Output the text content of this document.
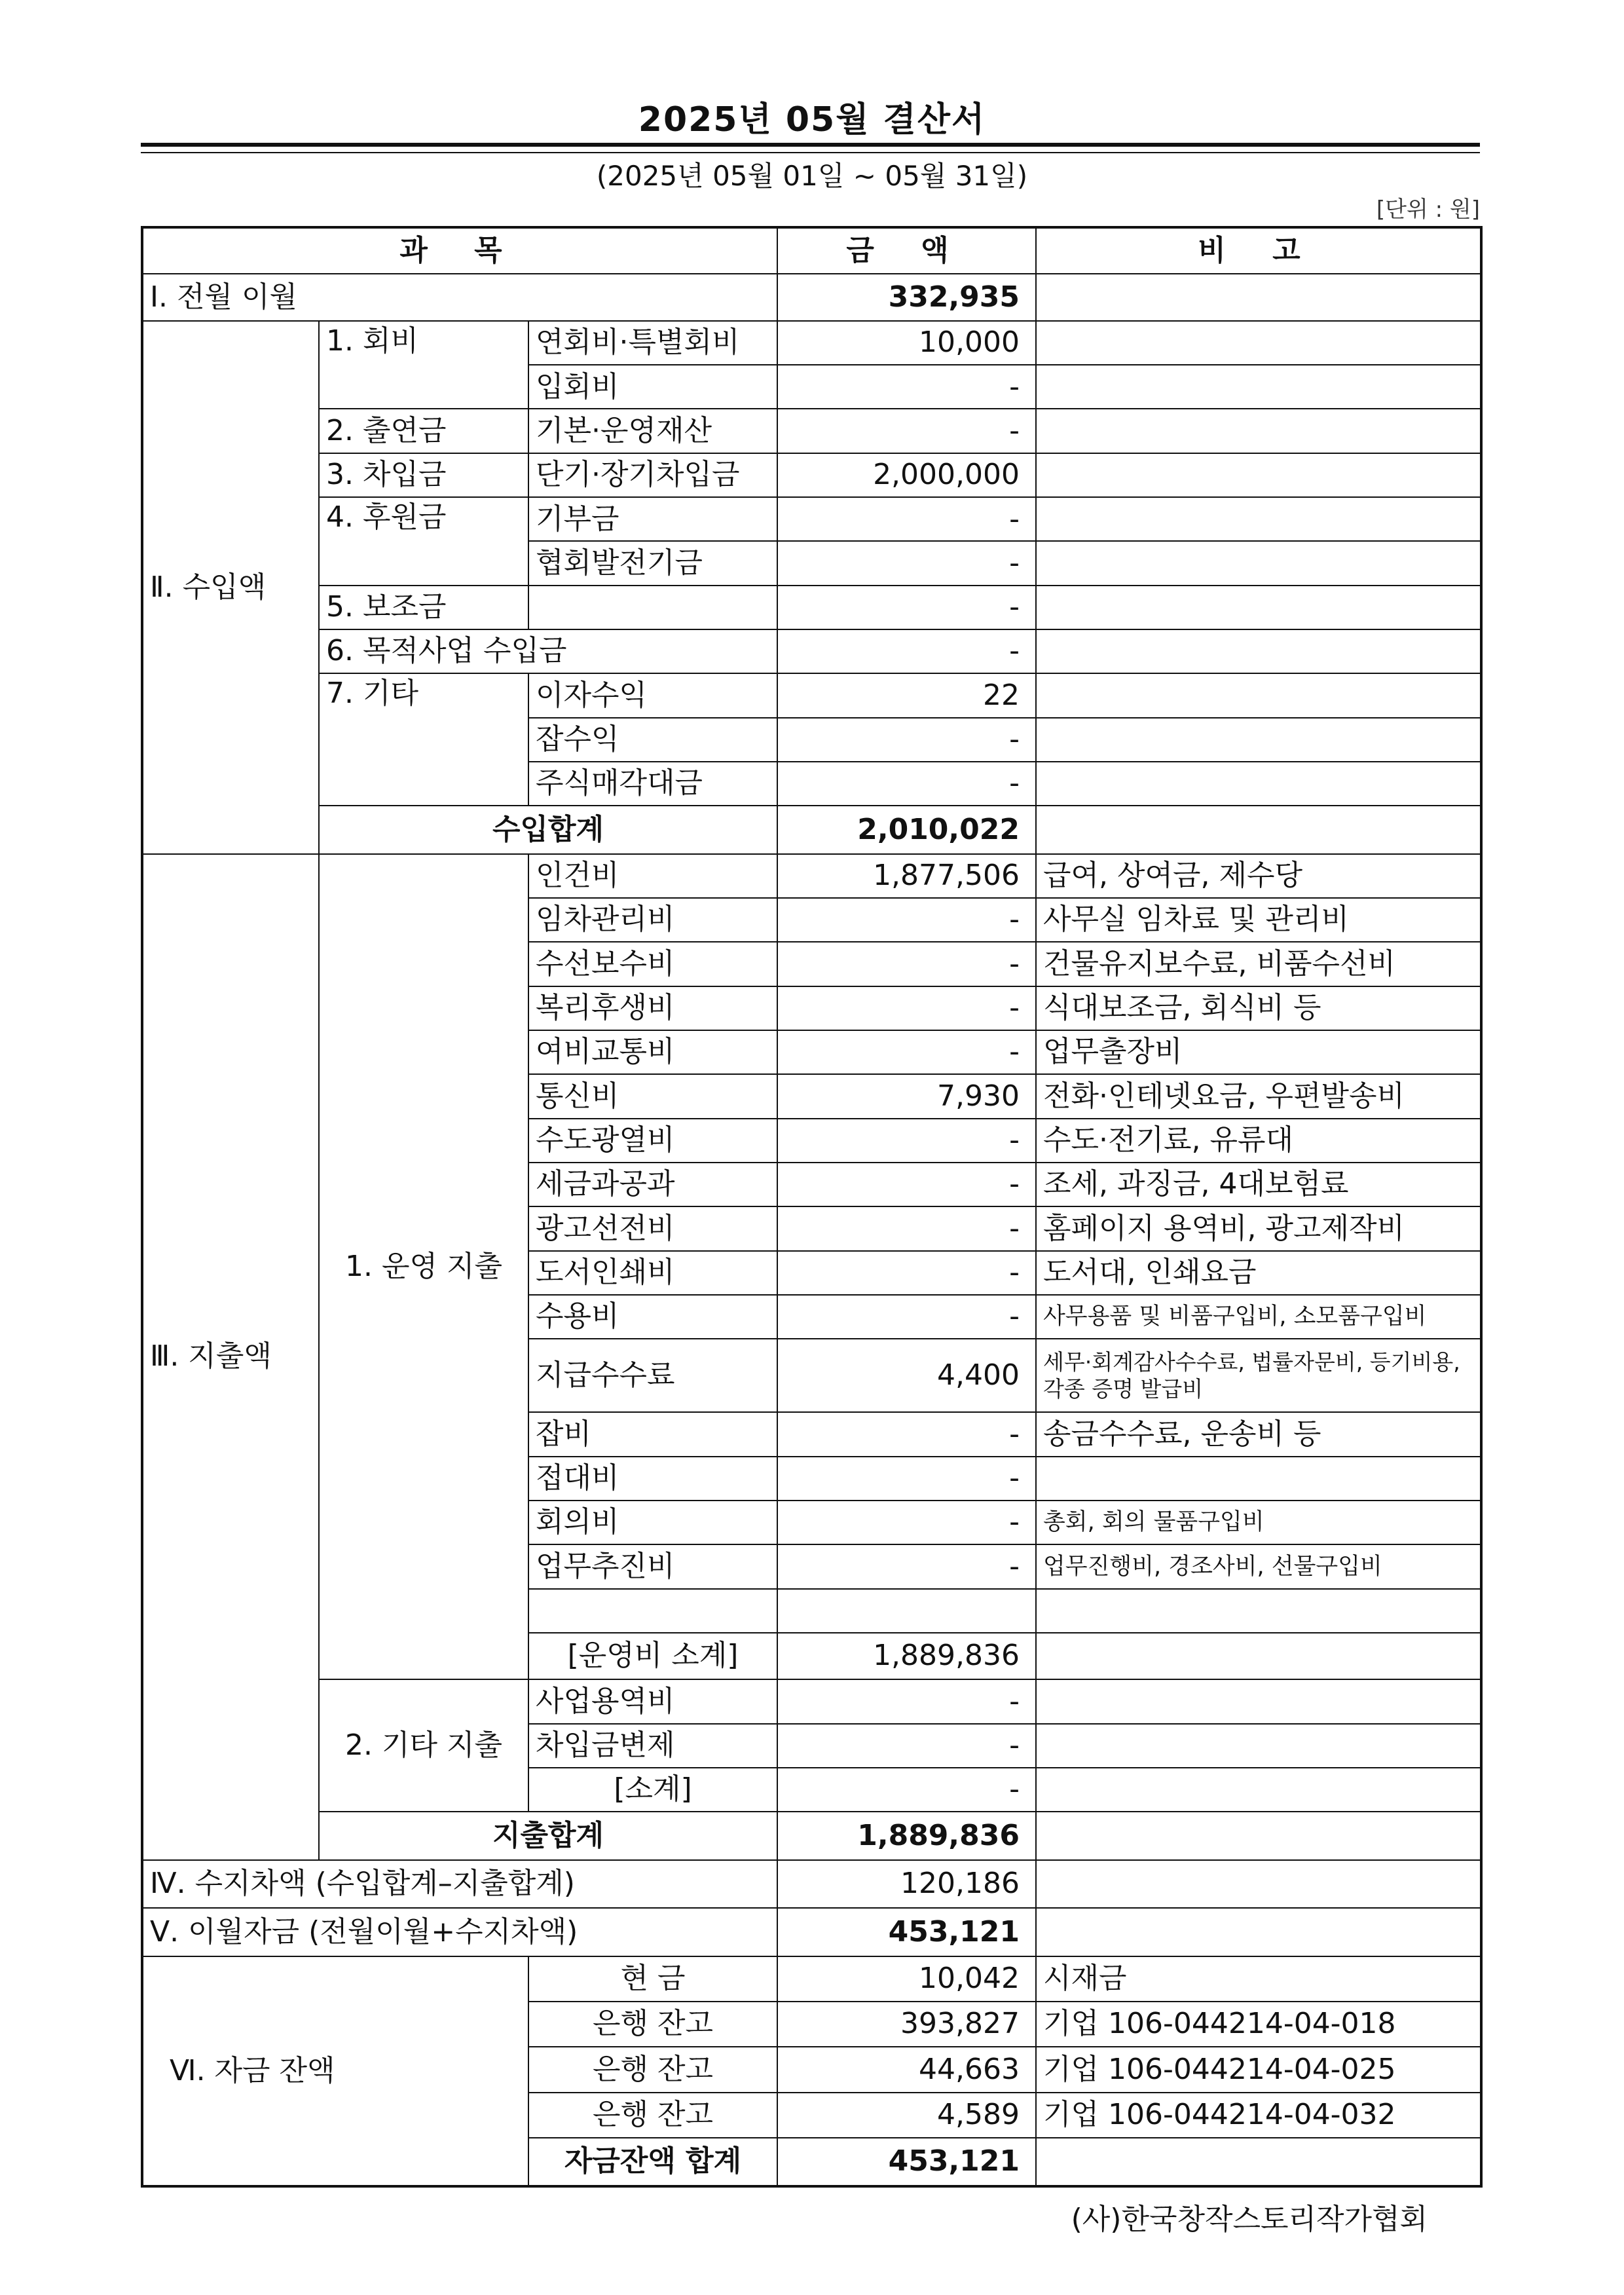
2025년 05월 결산서
(2025년 05월 01일 ~ 05월 31일)
[단위 : 원]
과 목			금 액	비 고
Ⅰ. 전월 이월			332,935	
Ⅱ. 수입액	1. 회비	연회비·특별회비	10,000	
		입회비	-	
	2. 출연금	기본·운영재산	-	
	3. 차입금	단기·장기차입금	2,000,000	
	4. 후원금	기부금	-	
		협회발전기금	-	
	5. 보조금		-	
	6. 목적사업 수입금		-	
	7. 기타	이자수익	22	
		잡수익	-	
		주식매각대금	-	
	수입합계		2,010,022	
Ⅲ. 지출액	1. 운영 지출	인건비	1,877,506	급여, 상여금, 제수당
		임차관리비	-	사무실 임차료 및 관리비
		수선보수비	-	건물유지보수료, 비품수선비
		복리후생비	-	식대보조금, 회식비 등
		여비교통비	-	업무출장비
		통신비	7,930	전화·인테넷요금, 우편발송비
		수도광열비	-	수도·전기료, 유류대
		세금과공과	-	조세, 과징금, 4대보험료
		광고선전비	-	홈페이지 용역비, 광고제작비
		도서인쇄비	-	도서대, 인쇄요금
		수용비	-	사무용품 및 비품구입비, 소모품구입비
		지급수수료	4,400	세무·회계감사수수료, 법률자문비, 등기비용, 각종 증명 발급비
		잡비	-	송금수수료, 운송비 등
		접대비	-	
		회의비	-	총회, 회의 물품구입비
		업무추진비	-	업무진행비, 경조사비, 선물구입비

		[운영비 소계]	1,889,836	
	2. 기타 지출	사업용역비	-	
		차입금변제	-	
		[소계]	-	
	지출합계		1,889,836	
Ⅳ. 수지차액 (수입합계–지출합계)			120,186	
Ⅴ. 이월자금 (전월이월+수지차액)			453,121	
Ⅵ. 자금 잔액		현 금	10,042	시재금
		은행 잔고	393,827	기업 106-044214-04-018
		은행 잔고	44,663	기업 106-044214-04-025
		은행 잔고	4,589	기업 106-044214-04-032
		자금잔액 합계	453,121	
(사)한국창작스토리작가협회
